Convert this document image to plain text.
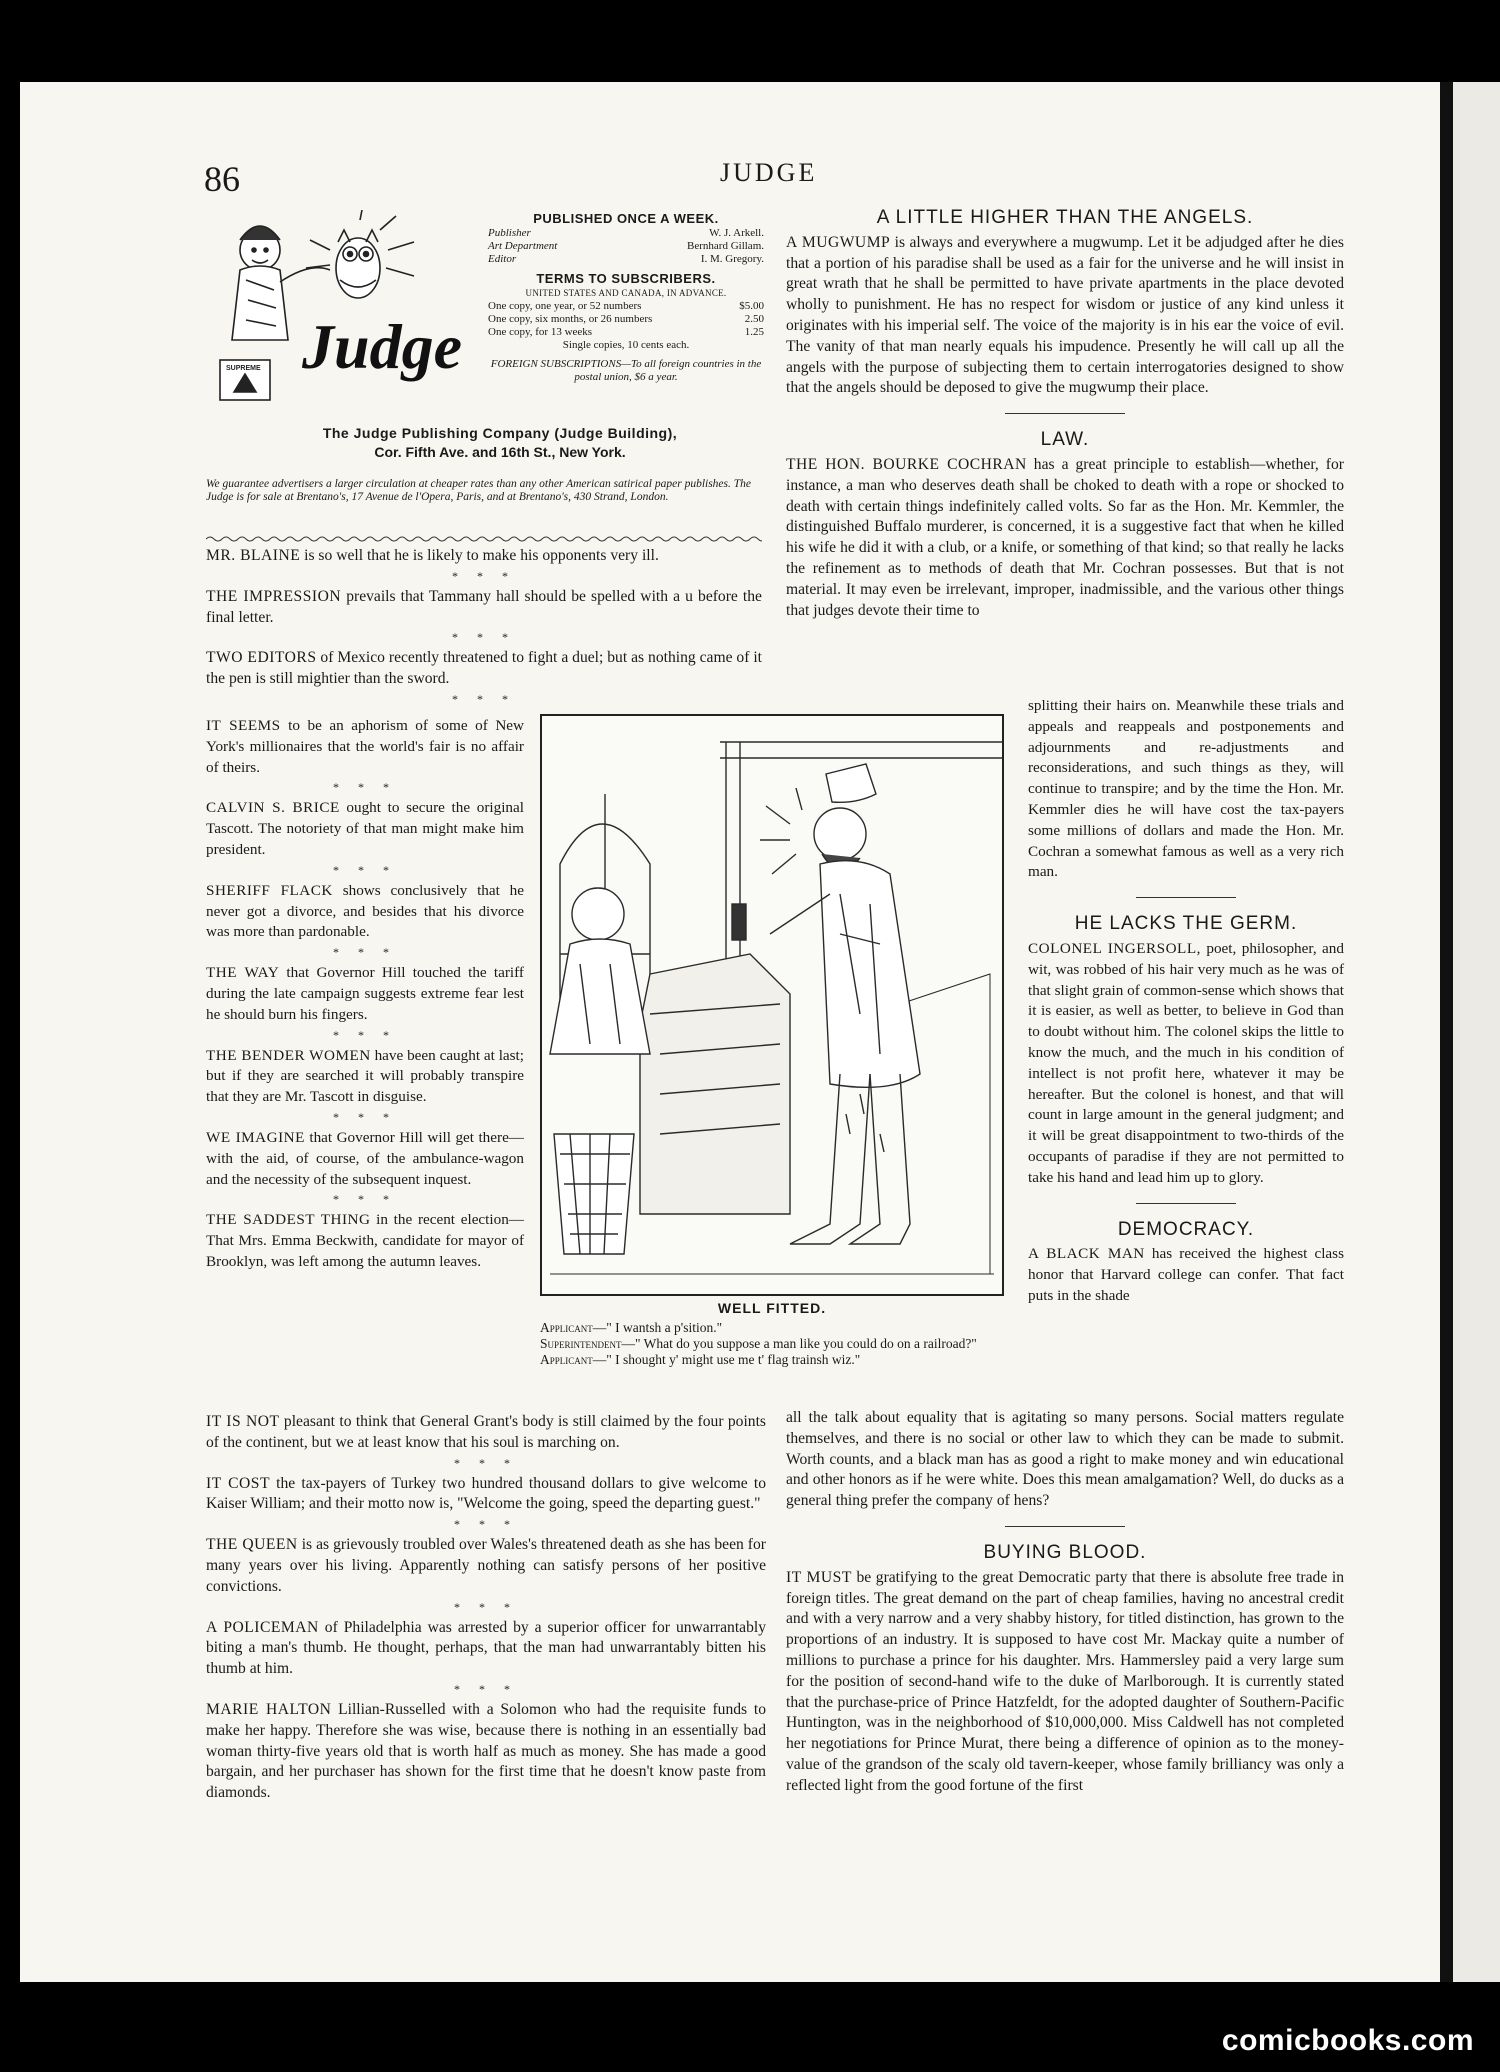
86	JUDGE
SUPREME Judge
PUBLISHED ONCE A WEEK.
Publisher	W. J. Arkell.
Art Department	Bernhard Gillam.
Editor	I. M. Gregory.
TERMS TO SUBSCRIBERS.
UNITED STATES AND CANADA, IN ADVANCE.
One copy, one year, or 52 numbers	$5.00
One copy, six months, or 26 numbers	2.50
One copy, for 13 weeks	1.25
Single copies, 10 cents each.
FOREIGN SUBSCRIPTIONS—To all foreign countries in the postal union, $6 a year.
The Judge Publishing Company (Judge Building),
Cor. Fifth Ave. and 16th St., New York.
We guarantee advertisers a larger circulation at cheaper rates than any other American satirical paper publishes. The Judge is for sale at Brentano's, 17 Avenue de l'Opera, Paris, and at Brentano's, 430 Strand, London.

MR. BLAINE is so well that he is likely to make his opponents very ill.

* * *

THE IMPRESSION prevails that Tammany hall should be spelled with a u before the final letter.

* * *

TWO EDITORS of Mexico recently threatened to fight a duel; but as nothing came of it the pen is still mightier than the sword.

* * *

IT SEEMS to be an aphorism of some of New York's millionaires that the world's fair is no affair of theirs.

* * *

CALVIN S. BRICE ought to secure the original Tascott. The notoriety of that man might make him president.

* * *

SHERIFF FLACK shows conclusively that he never got a divorce, and besides that his divorce was more than pardonable.

* * *

THE WAY that Governor Hill touched the tariff during the late campaign suggests extreme fear lest he should burn his fingers.

* * *

THE BENDER WOMEN have been caught at last; but if they are searched it will probably transpire that they are Mr. Tascott in disguise.

* * *

WE IMAGINE that Governor Hill will get there—with the aid, of course, of the ambulance-wagon and the necessity of the subsequent inquest.

* * *

THE SADDEST THING in the recent election—That Mrs. Emma Beckwith, candidate for mayor of Brooklyn, was left among the autumn leaves.

WELL FITTED.
Applicant—" I wantsh a p'sition."
Superintendent—" What do you suppose a man like you could do on a railroad?"
Applicant—" I shought y' might use me t' flag trainsh wiz."

IT IS NOT pleasant to think that General Grant's body is still claimed by the four points of the continent, but we at least know that his soul is marching on.

* * *

IT COST the tax-payers of Turkey two hundred thousand dollars to give welcome to Kaiser William; and their motto now is, "Welcome the going, speed the departing guest."

* * *

THE QUEEN is as grievously troubled over Wales's threatened death as she has been for many years over his living. Apparently nothing can satisfy persons of her positive convictions.

* * *

A POLICEMAN of Philadelphia was arrested by a superior officer for unwarrantably biting a man's thumb. He thought, perhaps, that the man had unwarrantably bitten his thumb at him.

* * *

MARIE HALTON Lillian-Russelled with a Solomon who had the requisite funds to make her happy. Therefore she was wise, because there is nothing in an essentially bad woman thirty-five years old that is worth half as much as money. She has made a good bargain, and her purchaser has shown for the first time that he doesn't know paste from diamonds.

A LITTLE HIGHER THAN THE ANGELS.

A MUGWUMP is always and everywhere a mugwump. Let it be adjudged after he dies that a portion of his paradise shall be used as a fair for the universe and he will insist in great wrath that he shall be permitted to have private apartments in the place devoted wholly to punishment. He has no respect for wisdom or justice of any kind unless it originates with his imperial self. The voice of the majority is in his ear the voice of evil. The vanity of that man nearly equals his impudence. Presently he will call up all the angels with the purpose of subjecting them to certain interrogatories designed to show that the angels should be deposed to give the mugwump their place.

LAW.

THE HON. BOURKE COCHRAN has a great principle to establish—whether, for instance, a man who deserves death shall be choked to death with a rope or shocked to death with certain things indefinitely called volts. So far as the Hon. Mr. Kemmler, the distinguished Buffalo murderer, is concerned, it is a suggestive fact that when he killed his wife he did it with a club, or a knife, or something of that kind; so that really he lacks the refinement as to methods of death that Mr. Cochran possesses. But that is not material. It may even be irrelevant, improper, inadmissible, and the various other things that judges devote their time to

splitting their hairs on. Meanwhile these trials and appeals and reappeals and postponements and adjournments and re-adjustments and reconsiderations, and such things as they, will continue to transpire; and by the time the Hon. Mr. Kemmler dies he will have cost the tax-payers some millions of dollars and made the Hon. Mr. Cochran a somewhat famous as well as a very rich man.

HE LACKS THE GERM.

COLONEL INGERSOLL, poet, philosopher, and wit, was robbed of his hair very much as he was of that slight grain of common-sense which shows that it is easier, as well as better, to believe in God than to doubt without him. The colonel skips the little to know the much, and the much in his condition of intellect is not profit here, whatever it may be hereafter. But the colonel is honest, and that will count in large amount in the general judgment; and it will be great disappointment to two-thirds of the occupants of paradise if they are not permitted to take his hand and lead him up to glory.

DEMOCRACY.

A BLACK MAN has received the highest class honor that Harvard college can confer. That fact puts in the shade

all the talk about equality that is agitating so many persons. Social matters regulate themselves, and there is no social or other law to which they can be made to submit. Worth counts, and a black man has as good a right to make money and win educational and other honors as if he were white. Does this mean amalgamation? Well, do ducks as a general thing prefer the company of hens?

BUYING BLOOD.

IT MUST be gratifying to the great Democratic party that there is absolute free trade in foreign titles. The great demand on the part of cheap families, having no ancestral credit and with a very narrow and a very shabby history, for titled distinction, has grown to the proportions of an industry. It is supposed to have cost Mr. Mackay quite a number of millions to purchase a prince for his daughter. Mrs. Hammersley paid a very large sum for the position of second-hand wife to the duke of Marlborough. It is currently stated that the purchase-price of Prince Hatzfeldt, for the adopted daughter of Southern-Pacific Huntington, was in the neighborhood of $10,000,000. Miss Caldwell has not completed her negotiations for Prince Murat, there being a difference of opinion as to the money-value of the grandson of the scaly old tavern-keeper, whose family brilliancy was only a reflected light from the good fortune of the first

comicbooks.com
